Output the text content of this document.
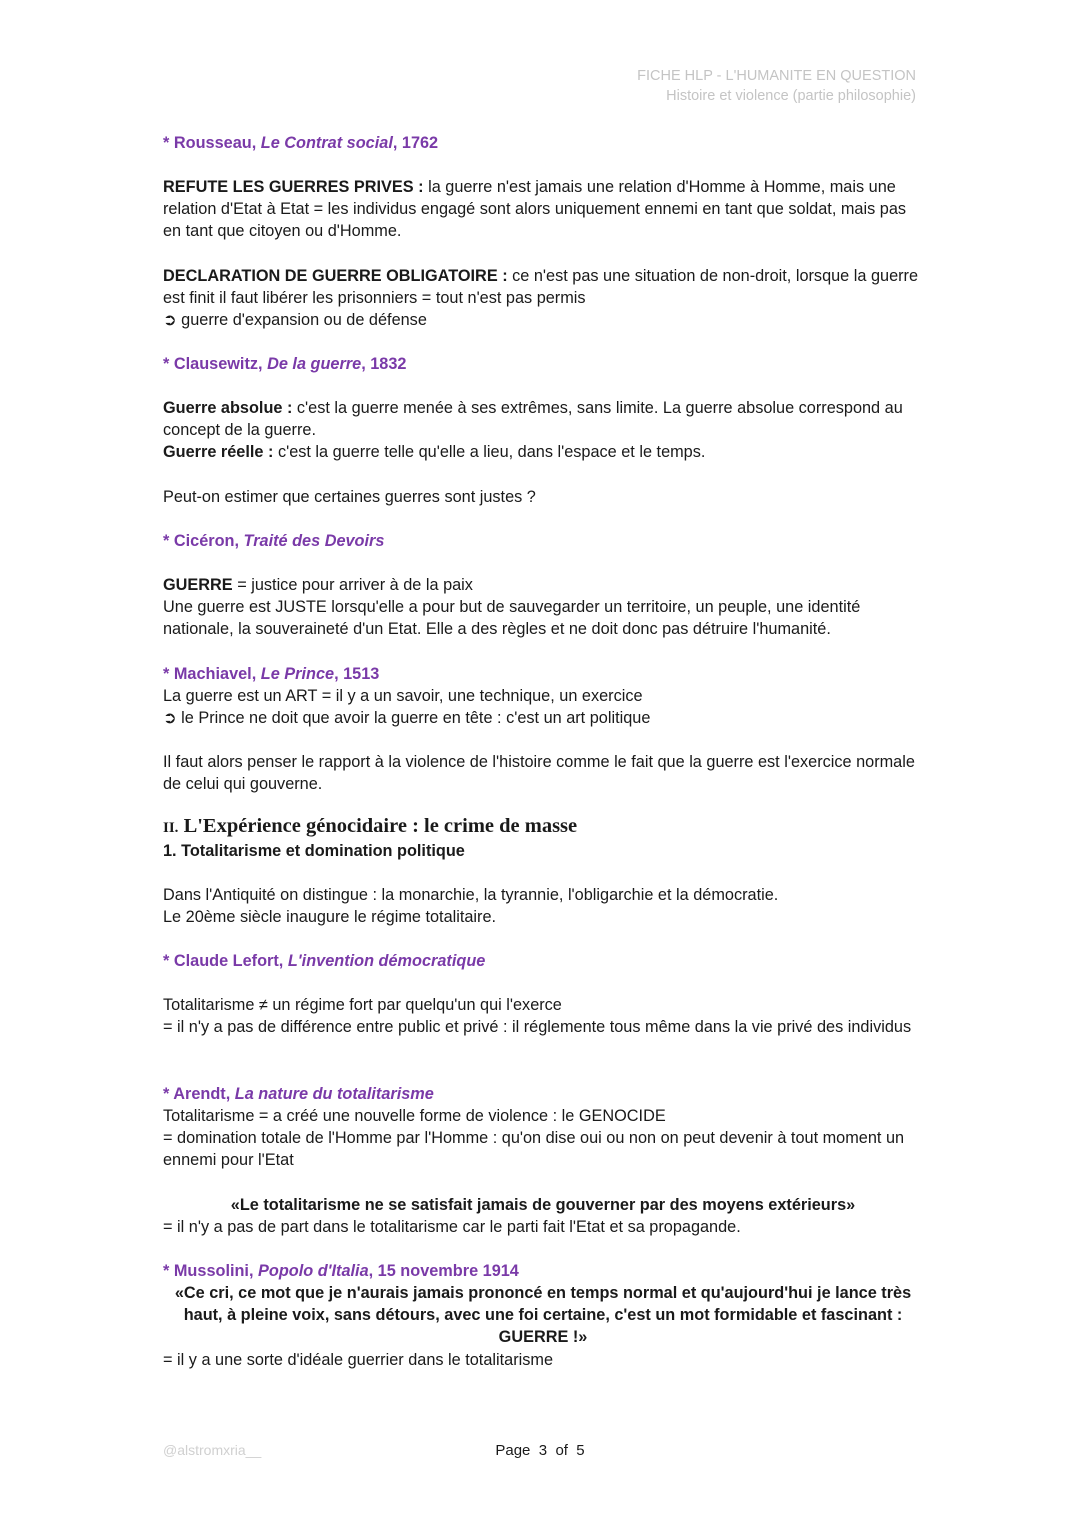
FICHE HLP - L'HUMANITE EN QUESTION
Histoire et violence (partie philosophie)
* Rousseau, Le Contrat social, 1762
REFUTE LES GUERRES PRIVES : la guerre n'est jamais une relation d'Homme à Homme, mais une relation d'Etat à Etat = les individus engagé sont alors uniquement ennemi en tant que soldat, mais pas en tant que citoyen ou d'Homme.
DECLARATION DE GUERRE OBLIGATOIRE : ce n'est pas une situation de non-droit, lorsque la guerre est finit il faut libérer les prisonniers = tout n'est pas permis
➲ guerre d'expansion ou de défense
* Clausewitz, De la guerre, 1832
Guerre absolue : c'est la guerre menée à ses extrêmes, sans limite. La guerre absolue correspond au concept de la guerre.
Guerre réelle : c'est la guerre telle qu'elle a lieu, dans l'espace et le temps.
Peut-on estimer que certaines guerres sont justes ?
* Cicéron, Traité des Devoirs
GUERRE = justice pour arriver à de la paix
Une guerre est JUSTE lorsqu'elle a pour but de sauvegarder un territoire, un peuple, une identité nationale, la souveraineté d'un Etat. Elle a des règles et ne doit donc pas détruire l'humanité.
* Machiavel, Le Prince, 1513
La guerre est un ART = il y a un savoir, une technique, un exercice
➲ le Prince ne doit que avoir la guerre en tête : c'est un art politique
Il faut alors penser le rapport à la violence de l'histoire comme le fait que la guerre est l'exercice normale de celui qui gouverne.
II. L'Expérience génocidaire : le crime de masse
1. Totalitarisme et domination politique
Dans l'Antiquité on distingue : la monarchie, la tyrannie, l'obligarchie et la démocratie.
Le 20ème siècle inaugure le régime totalitaire.
* Claude Lefort, L'invention démocratique
Totalitarisme ≠ un régime fort par quelqu'un qui l'exerce
= il n'y a pas de différence entre public et privé : il réglemente tous même dans la vie privé des individus
* Arendt, La nature du totalitarisme
Totalitarisme = a créé une nouvelle forme de violence : le GENOCIDE
= domination totale de l'Homme par l'Homme : qu'on dise oui ou non on peut devenir à tout moment un ennemi pour l'Etat
«Le totalitarisme ne se satisfait jamais de gouverner par des moyens extérieurs»
= il n'y a pas de part dans le totalitarisme car le parti fait l'Etat et sa propagande.
* Mussolini, Popolo d'Italia, 15 novembre 1914
«Ce cri, ce mot que je n'aurais jamais prononcé en temps normal et qu'aujourd'hui je lance très haut, à pleine voix, sans détours, avec une foi certaine, c'est un mot formidable et fascinant : GUERRE !»
= il y a une sorte d'idéale guerrier dans le totalitarisme
@alstromxria__	Page 3 of 5
